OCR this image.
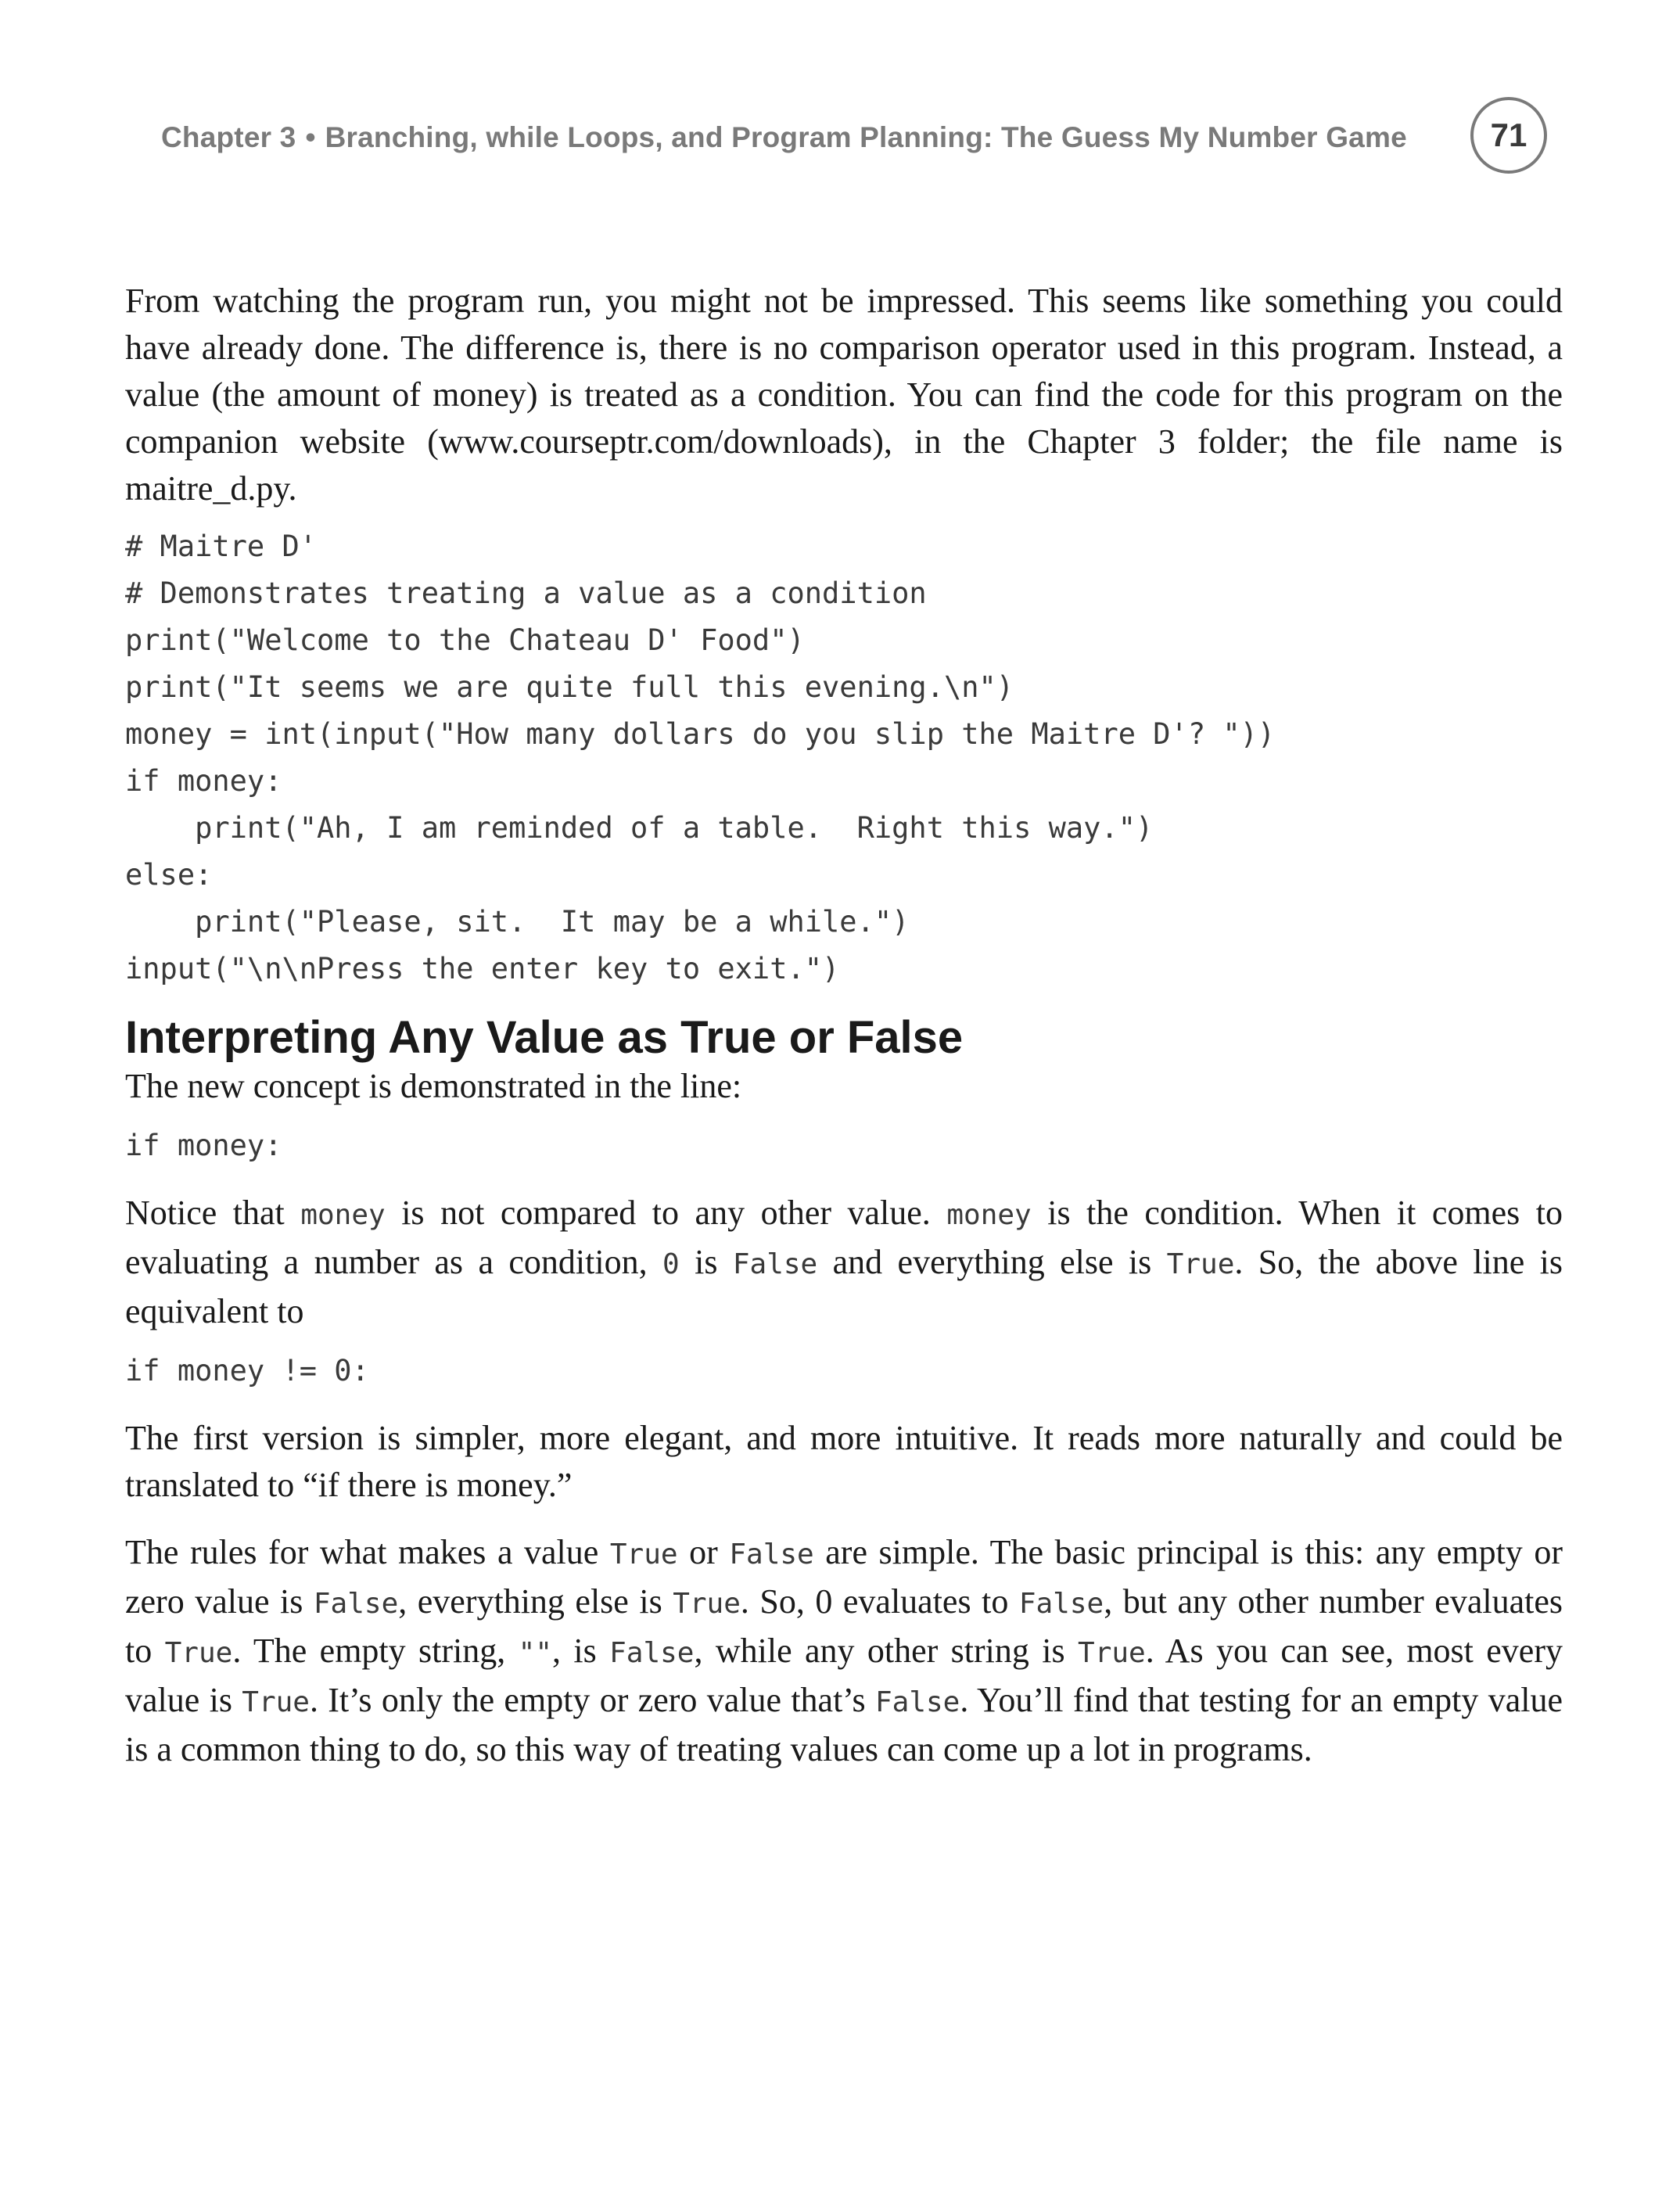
Chapter 3 • Branching, while Loops, and Program Planning: The Guess My Number Game	71

From watching the program run, you might not be impressed. This seems like something you could have already done. The difference is, there is no comparison operator used in this program. Instead, a value (the amount of money) is treated as a condition. You can find the code for this program on the companion website (www.courseptr.com/downloads), in the Chapter 3 folder; the file name is maitre_d.py.

# Maitre D'
# Demonstrates treating a value as a condition
print("Welcome to the Chateau D' Food")
print("It seems we are quite full this evening.\n")
money = int(input("How many dollars do you slip the Maitre D'? "))
if money:
print("Ah, I am reminded of a table.  Right this way.")
else:
print("Please, sit.  It may be a while.")
input("\n\nPress the enter key to exit.")
Interpreting Any Value as True or False

The new concept is demonstrated in the line:

if money:

Notice that money is not compared to any other value. money is the condition. When it comes to evaluating a number as a condition, 0 is False and everything else is True. So, the above line is equivalent to

if money != 0:

The first version is simpler, more elegant, and more intuitive. It reads more naturally and could be translated to “if there is money.”

The rules for what makes a value True or False are simple. The basic principal is this: any empty or zero value is False, everything else is True. So, 0 evaluates to False, but any other number evaluates to True. The empty string, "", is False, while any other string is True. As you can see, most every value is True. It’s only the empty or zero value that’s False. You’ll find that testing for an empty value is a common thing to do, so this way of treating values can come up a lot in programs.
